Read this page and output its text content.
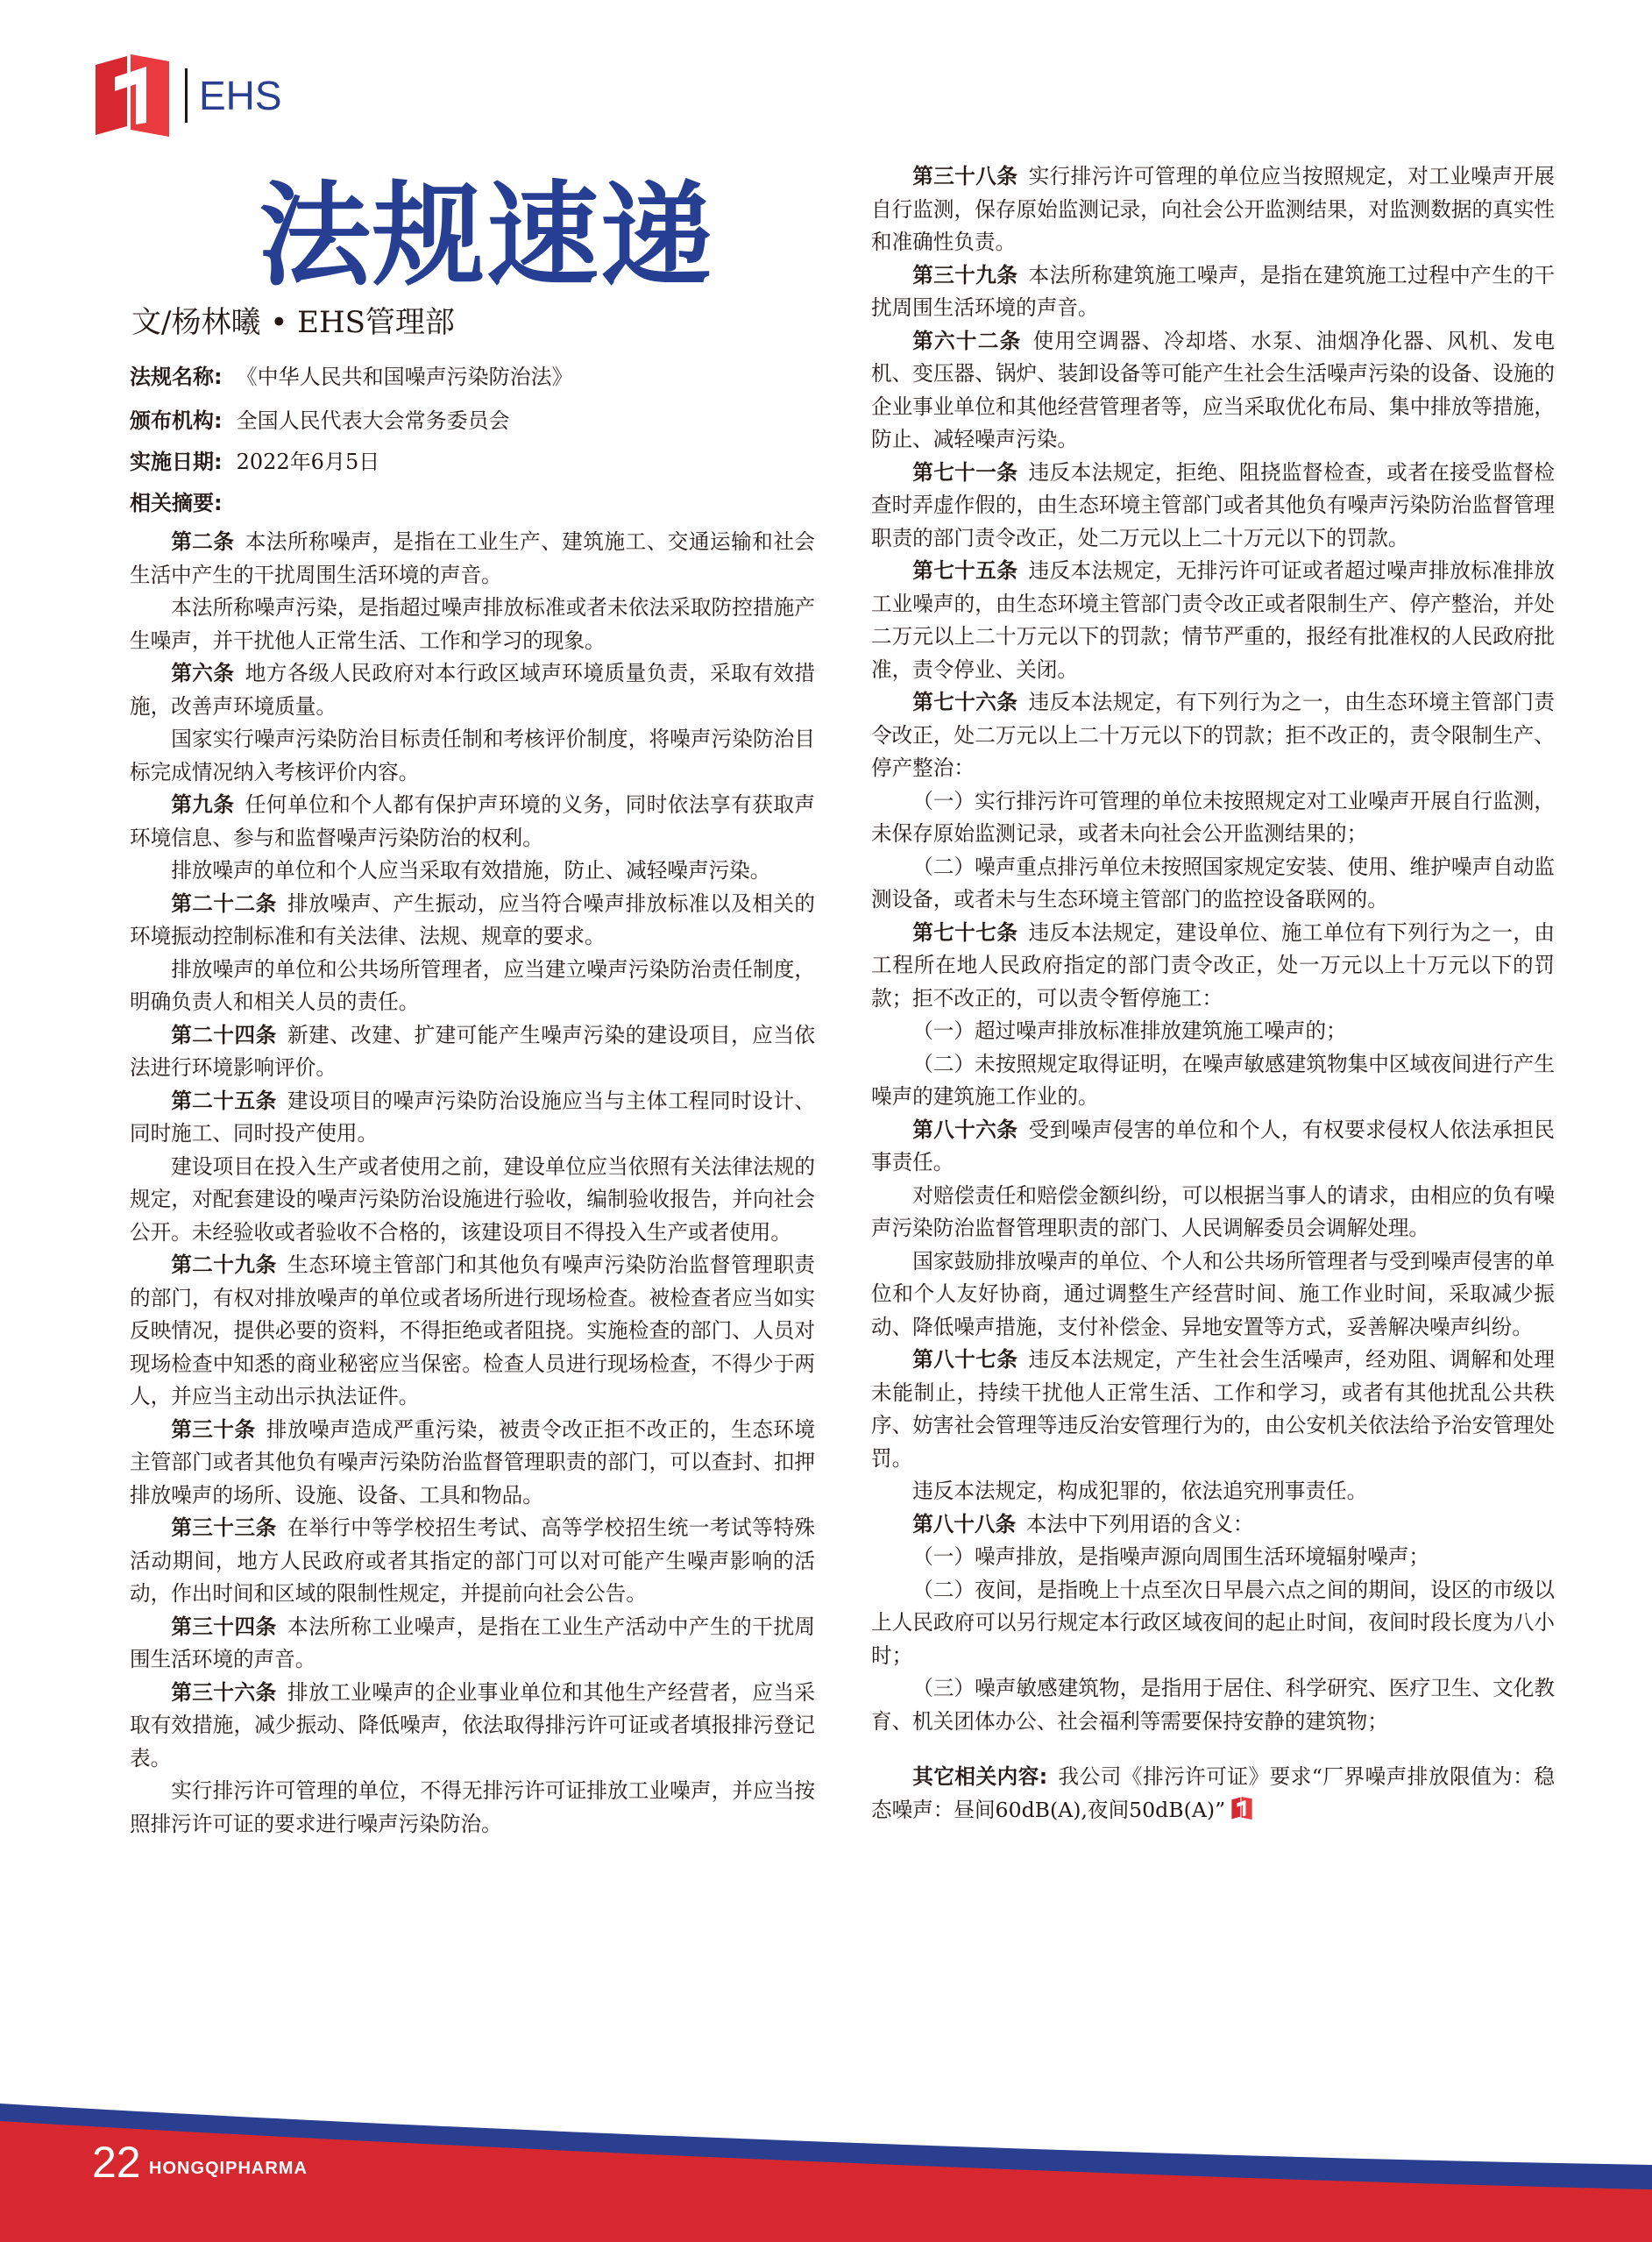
EHS
法规速递
文/杨林曦 • EHS管理部
法规名称: 《中华人民共和国噪声污染防治法》
颁布机构: 全国人民代表大会常务委员会
实施日期: 2022年6月5日
相关摘要:

第二条  本法所称噪声，是指在工业生产、建筑施工、交通运输和社会生活中产生的干扰周围生活环境的声音。

本法所称噪声污染，是指超过噪声排放标准或者未依法采取防控措施产生噪声，并干扰他人正常生活、工作和学习的现象。

第六条  地方各级人民政府对本行政区域声环境质量负责，采取有效措施，改善声环境质量。

国家实行噪声污染防治目标责任制和考核评价制度，将噪声污染防治目标完成情况纳入考核评价内容。

第九条  任何单位和个人都有保护声环境的义务，同时依法享有获取声环境信息、参与和监督噪声污染防治的权利。

排放噪声的单位和个人应当采取有效措施，防止、减轻噪声污染。

第二十二条  排放噪声、产生振动，应当符合噪声排放标准以及相关的环境振动控制标准和有关法律、法规、规章的要求。

排放噪声的单位和公共场所管理者，应当建立噪声污染防治责任制度，明确负责人和相关人员的责任。

第二十四条  新建、改建、扩建可能产生噪声污染的建设项目，应当依法进行环境影响评价。

第二十五条  建设项目的噪声污染防治设施应当与主体工程同时设计、同时施工、同时投产使用。

建设项目在投入生产或者使用之前，建设单位应当依照有关法律法规的规定，对配套建设的噪声污染防治设施进行验收，编制验收报告，并向社会公开。未经验收或者验收不合格的，该建设项目不得投入生产或者使用。

第二十九条  生态环境主管部门和其他负有噪声污染防治监督管理职责的部门，有权对排放噪声的单位或者场所进行现场检查。被检查者应当如实反映情况，提供必要的资料，不得拒绝或者阻挠。实施检查的部门、人员对现场检查中知悉的商业秘密应当保密。检查人员进行现场检查，不得少于两人，并应当主动出示执法证件。

第三十条  排放噪声造成严重污染，被责令改正拒不改正的，生态环境主管部门或者其他负有噪声污染防治监督管理职责的部门，可以查封、扣押排放噪声的场所、设施、设备、工具和物品。

第三十三条  在举行中等学校招生考试、高等学校招生统一考试等特殊活动期间，地方人民政府或者其指定的部门可以对可能产生噪声影响的活动，作出时间和区域的限制性规定，并提前向社会公告。

第三十四条  本法所称工业噪声，是指在工业生产活动中产生的干扰周围生活环境的声音。

第三十六条  排放工业噪声的企业事业单位和其他生产经营者，应当采取有效措施，减少振动、降低噪声，依法取得排污许可证或者填报排污登记表。

实行排污许可管理的单位，不得无排污许可证排放工业噪声，并应当按照排污许可证的要求进行噪声污染防治。

第三十八条  实行排污许可管理的单位应当按照规定，对工业噪声开展自行监测，保存原始监测记录，向社会公开监测结果，对监测数据的真实性和准确性负责。

第三十九条  本法所称建筑施工噪声，是指在建筑施工过程中产生的干扰周围生活环境的声音。

第六十二条  使用空调器、冷却塔、水泵、油烟净化器、风机、发电机、变压器、锅炉、装卸设备等可能产生社会生活噪声污染的设备、设施的企业事业单位和其他经营管理者等，应当采取优化布局、集中排放等措施，防止、减轻噪声污染。

第七十一条  违反本法规定，拒绝、阻挠监督检查，或者在接受监督检查时弄虚作假的，由生态环境主管部门或者其他负有噪声污染防治监督管理职责的部门责令改正，处二万元以上二十万元以下的罚款。

第七十五条  违反本法规定，无排污许可证或者超过噪声排放标准排放工业噪声的，由生态环境主管部门责令改正或者限制生产、停产整治，并处二万元以上二十万元以下的罚款；情节严重的，报经有批准权的人民政府批准，责令停业、关闭。

第七十六条  违反本法规定，有下列行为之一，由生态环境主管部门责令改正，处二万元以上二十万元以下的罚款；拒不改正的，责令限制生产、停产整治：

（一）实行排污许可管理的单位未按照规定对工业噪声开展自行监测，未保存原始监测记录，或者未向社会公开监测结果的；

（二）噪声重点排污单位未按照国家规定安装、使用、维护噪声自动监测设备，或者未与生态环境主管部门的监控设备联网的。

第七十七条  违反本法规定，建设单位、施工单位有下列行为之一，由工程所在地人民政府指定的部门责令改正，处一万元以上十万元以下的罚款；拒不改正的，可以责令暂停施工：

（一）超过噪声排放标准排放建筑施工噪声的；

（二）未按照规定取得证明，在噪声敏感建筑物集中区域夜间进行产生噪声的建筑施工作业的。

第八十六条  受到噪声侵害的单位和个人，有权要求侵权人依法承担民事责任。

对赔偿责任和赔偿金额纠纷，可以根据当事人的请求，由相应的负有噪声污染防治监督管理职责的部门、人民调解委员会调解处理。

国家鼓励排放噪声的单位、个人和公共场所管理者与受到噪声侵害的单位和个人友好协商，通过调整生产经营时间、施工作业时间，采取减少振动、降低噪声措施，支付补偿金、异地安置等方式，妥善解决噪声纠纷。

第八十七条  违反本法规定，产生社会生活噪声，经劝阻、调解和处理未能制止，持续干扰他人正常生活、工作和学习，或者有其他扰乱公共秩序、妨害社会管理等违反治安管理行为的，由公安机关依法给予治安管理处罚。

违反本法规定，构成犯罪的，依法追究刑事责任。

第八十八条  本法中下列用语的含义：

（一）噪声排放，是指噪声源向周围生活环境辐射噪声；

（二）夜间，是指晚上十点至次日早晨六点之间的期间，设区的市级以上人民政府可以另行规定本行政区域夜间的起止时间，夜间时段长度为八小时；

（三）噪声敏感建筑物，是指用于居住、科学研究、医疗卫生、文化教育、机关团体办公、社会福利等需要保持安静的建筑物；

其它相关内容:  我公司《排污许可证》要求“厂界噪声排放限值为：稳态噪声：昼间60dB(A),夜间50dB(A)”

22 HONGQIPHARMA
